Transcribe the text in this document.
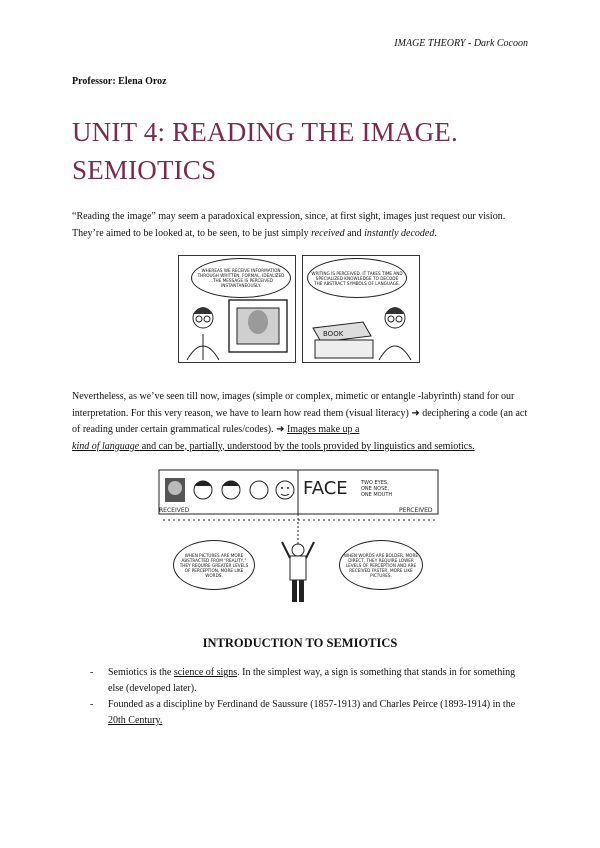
IMAGE THEORY - Dark Cocoon
Professor: Elena Oroz
UNIT 4: READING THE IMAGE.
SEMIOTICS
“Reading the image” may seem a paradoxical expression, since, at first sight, images just request our vision. They’re aimed to be looked at, to be seen, to be just simply received and instantly decoded.
WHEREAS WE RECEIVE INFORMATION THROUGH WRITTEN, FORMAL, IDEALIZED ...THE MESSAGE IS PERCEIVED INSTANTANEOUSLY.
WRITING IS PERCEIVED. IT TAKES TIME AND SPECIALIZED KNOWLEDGE TO DECODE THE ABSTRACT SYMBOLS OF LANGUAGE.
BOOK
Nevertheless, as we’ve seen till now, images (simple or complex, mimetic or entangle -labyrinth) stand for our interpretation. For this very reason, we have to learn how read them (visual literacy) ➜ deciphering a code (an act of reading under certain grammatical rules/codes). ➜ Images make up a
kind of language and can be, partially, understood by the tools provided by linguistics and semiotics.
FACE	TWO EYES, ONE NOSE, ONE MOUTH
RECEIVED	PERCEIVED
WHEN PICTURES ARE MORE ABSTRACTED FROM "REALITY," THEY REQUIRE GREATER LEVELS OF PERCEPTION, MORE LIKE WORDS.
WHEN WORDS ARE BOLDER, MORE DIRECT, THEY REQUIRE LOWER LEVELS OF PERCEPTION AND ARE RECEIVED FASTER, MORE LIKE PICTURES.
INTRODUCTION TO SEMIOTICS
- Semiotics is the science of signs. In the simplest way, a sign is something that stands in for something else (developed later).
- Founded as a discipline by Ferdinand de Saussure (1857-1913) and Charles Peirce (1893-1914) in the 20th Century.
